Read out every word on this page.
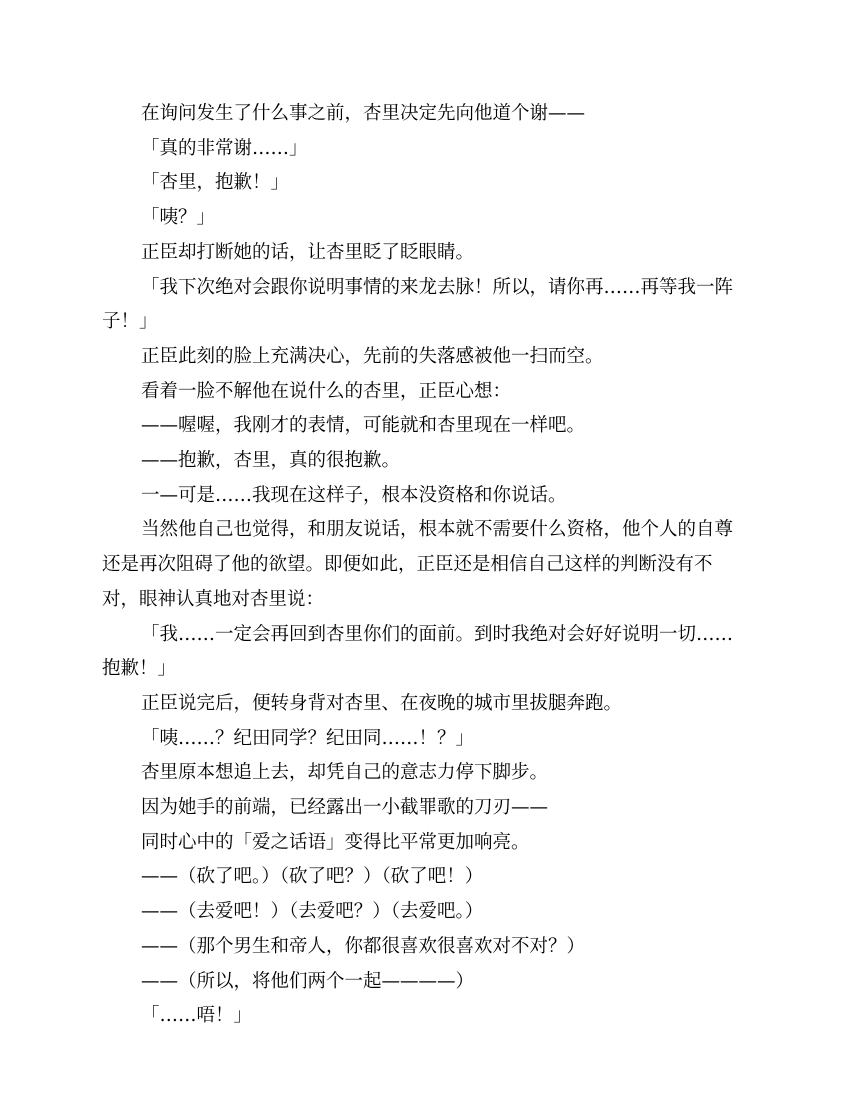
在询问发生了什么事之前，杏里决定先向他道个谢——

「真的非常谢……」

「杏里，抱歉！」

「咦？」

正臣却打断她的话，让杏里眨了眨眼睛。

「我下次绝对会跟你说明事情的来龙去脉！所以，请你再……再等我一阵子！」

正臣此刻的脸上充满决心，先前的失落感被他一扫而空。

看着一脸不解他在说什么的杏里，正臣心想：

——喔喔，我刚才的表情，可能就和杏里现在一样吧。

——抱歉，杏里，真的很抱歉。

一—可是……我现在这样子，根本没资格和你说话。

当然他自己也觉得，和朋友说话，根本就不需要什么资格，他个人的自尊还是再次阻碍了他的欲望。即便如此，正臣还是相信自己这样的判断没有不对，眼神认真地对杏里说：

「我……一定会再回到杏里你们的面前。到时我绝对会好好说明一切……抱歉！」

正臣说完后，便转身背对杏里、在夜晚的城市里拔腿奔跑。

「咦……？纪田同学？纪田同……！？」

杏里原本想追上去，却凭自己的意志力停下脚步。

因为她手的前端，已经露出一小截罪歌的刀刃——

同时心中的「爱之话语」变得比平常更加响亮。

——（砍了吧。）（砍了吧？）（砍了吧！）

——（去爱吧！）（去爱吧？）（去爱吧。）

——（那个男生和帝人，你都很喜欢很喜欢对不对？）

——（所以，将他们两个一起————）

「……唔！」
